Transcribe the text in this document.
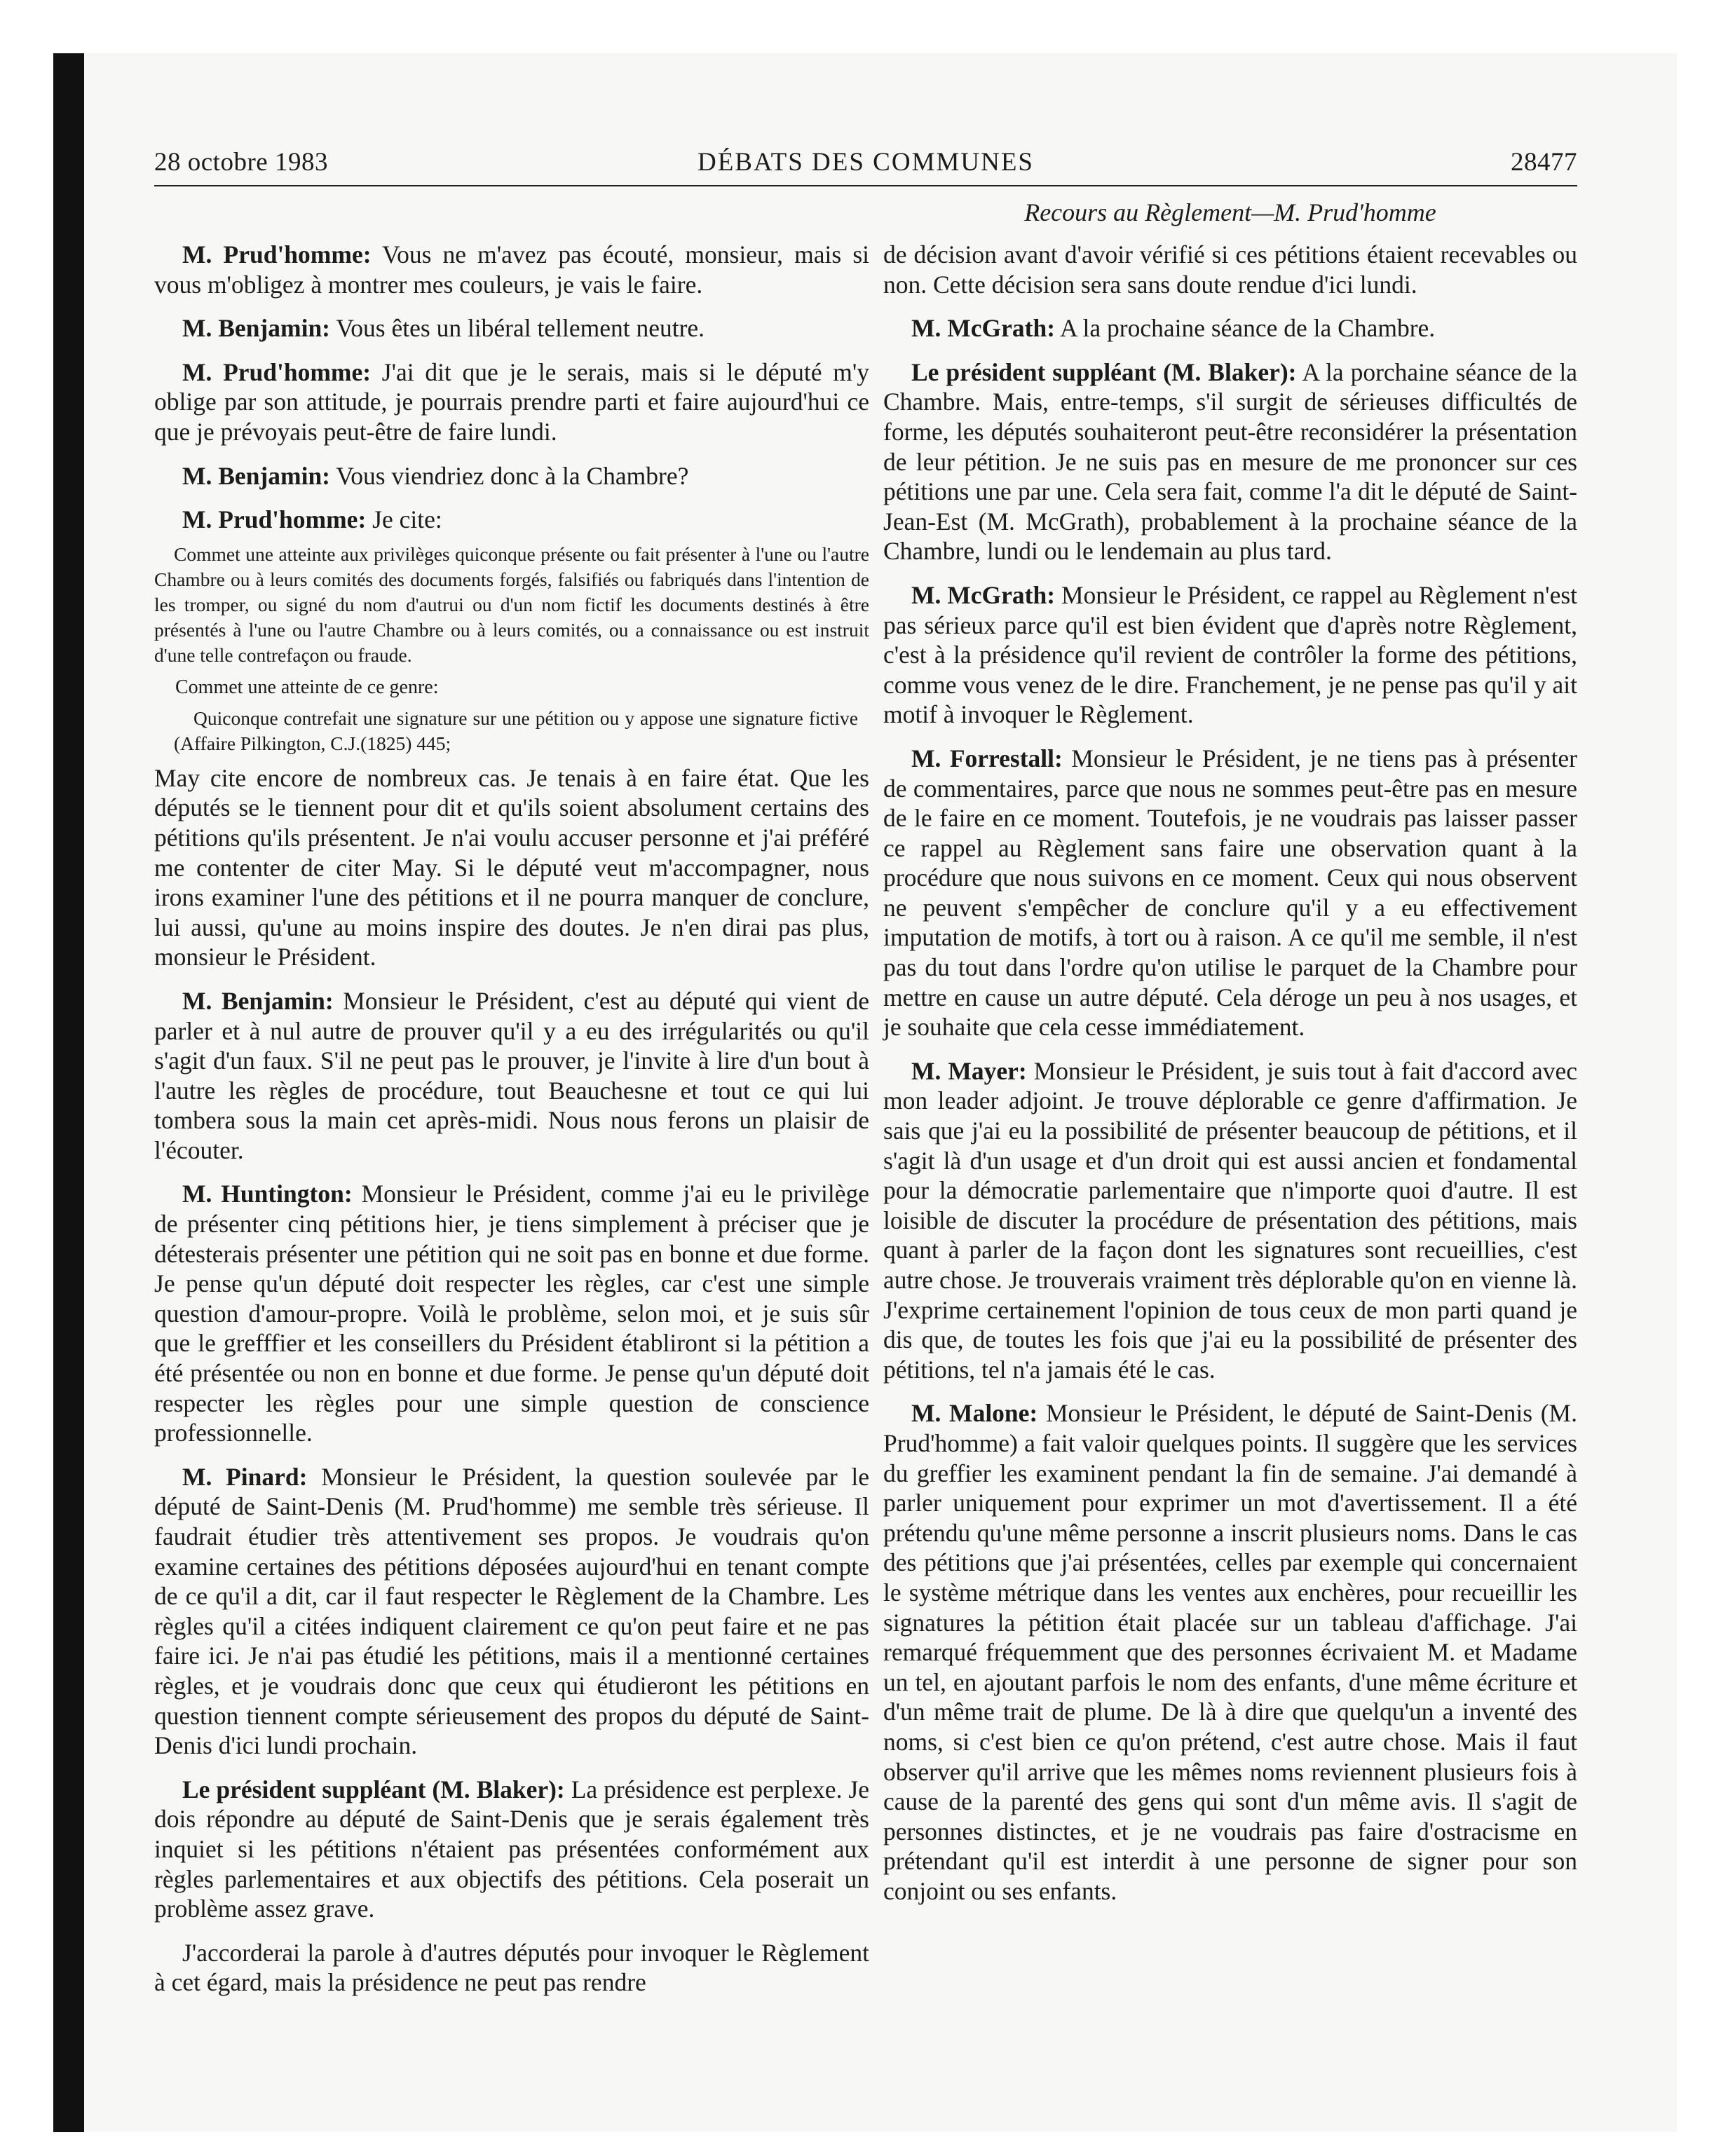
28 octobre 1983	DÉBATS DES COMMUNES	28477
Recours au Règlement—M. Prud'homme

M. Prud'homme: Vous ne m'avez pas écouté, monsieur, mais si vous m'obligez à montrer mes couleurs, je vais le faire.

M. Benjamin: Vous êtes un libéral tellement neutre.

M. Prud'homme: J'ai dit que je le serais, mais si le député m'y oblige par son attitude, je pourrais prendre parti et faire aujourd'hui ce que je prévoyais peut-être de faire lundi.

M. Benjamin: Vous viendriez donc à la Chambre?

M. Prud'homme: Je cite:

Commet une atteinte aux privilèges quiconque présente ou fait présenter à l'une ou l'autre Chambre ou à leurs comités des documents forgés, falsifiés ou fabriqués dans l'intention de les tromper, ou signé du nom d'autrui ou d'un nom fictif les documents destinés à être présentés à l'une ou l'autre Chambre ou à leurs comités, ou a connaissance ou est instruit d'une telle contrefaçon ou fraude.

Commet une atteinte de ce genre:

Quiconque contrefait une signature sur une pétition ou y appose une signature fictive (Affaire Pilkington, C.J.(1825) 445;

May cite encore de nombreux cas. Je tenais à en faire état. Que les députés se le tiennent pour dit et qu'ils soient absolument certains des pétitions qu'ils présentent. Je n'ai voulu accuser personne et j'ai préféré me contenter de citer May. Si le député veut m'accompagner, nous irons examiner l'une des pétitions et il ne pourra manquer de conclure, lui aussi, qu'une au moins inspire des doutes. Je n'en dirai pas plus, monsieur le Président.

M. Benjamin: Monsieur le Président, c'est au député qui vient de parler et à nul autre de prouver qu'il y a eu des irrégularités ou qu'il s'agit d'un faux. S'il ne peut pas le prouver, je l'invite à lire d'un bout à l'autre les règles de procédure, tout Beauchesne et tout ce qui lui tombera sous la main cet après-midi. Nous nous ferons un plaisir de l'écouter.

M. Huntington: Monsieur le Président, comme j'ai eu le privilège de présenter cinq pétitions hier, je tiens simplement à préciser que je détesterais présenter une pétition qui ne soit pas en bonne et due forme. Je pense qu'un député doit respecter les règles, car c'est une simple question d'amour-propre. Voilà le problème, selon moi, et je suis sûr que le grefffier et les conseillers du Président établiront si la pétition a été présentée ou non en bonne et due forme. Je pense qu'un député doit respecter les règles pour une simple question de conscience professionnelle.

M. Pinard: Monsieur le Président, la question soulevée par le député de Saint-Denis (M. Prud'homme) me semble très sérieuse. Il faudrait étudier très attentivement ses propos. Je voudrais qu'on examine certaines des pétitions déposées aujourd'hui en tenant compte de ce qu'il a dit, car il faut respecter le Règlement de la Chambre. Les règles qu'il a citées indiquent clairement ce qu'on peut faire et ne pas faire ici. Je n'ai pas étudié les pétitions, mais il a mentionné certaines règles, et je voudrais donc que ceux qui étudieront les pétitions en question tiennent compte sérieusement des propos du député de Saint-Denis d'ici lundi prochain.

Le président suppléant (M. Blaker): La présidence est perplexe. Je dois répondre au député de Saint-Denis que je serais également très inquiet si les pétitions n'étaient pas présentées conformément aux règles parlementaires et aux objectifs des pétitions. Cela poserait un problème assez grave.

J'accorderai la parole à d'autres députés pour invoquer le Règlement à cet égard, mais la présidence ne peut pas rendre

de décision avant d'avoir vérifié si ces pétitions étaient recevables ou non. Cette décision sera sans doute rendue d'ici lundi.

M. McGrath: A la prochaine séance de la Chambre.

Le président suppléant (M. Blaker): A la porchaine séance de la Chambre. Mais, entre-temps, s'il surgit de sérieuses difficultés de forme, les députés souhaiteront peut-être reconsidérer la présentation de leur pétition. Je ne suis pas en mesure de me prononcer sur ces pétitions une par une. Cela sera fait, comme l'a dit le député de Saint-Jean-Est (M. McGrath), probablement à la prochaine séance de la Chambre, lundi ou le lendemain au plus tard.

M. McGrath: Monsieur le Président, ce rappel au Règlement n'est pas sérieux parce qu'il est bien évident que d'après notre Règlement, c'est à la présidence qu'il revient de contrôler la forme des pétitions, comme vous venez de le dire. Franchement, je ne pense pas qu'il y ait motif à invoquer le Règlement.

M. Forrestall: Monsieur le Président, je ne tiens pas à présenter de commentaires, parce que nous ne sommes peut-être pas en mesure de le faire en ce moment. Toutefois, je ne voudrais pas laisser passer ce rappel au Règlement sans faire une observation quant à la procédure que nous suivons en ce moment. Ceux qui nous observent ne peuvent s'empêcher de conclure qu'il y a eu effectivement imputation de motifs, à tort ou à raison. A ce qu'il me semble, il n'est pas du tout dans l'ordre qu'on utilise le parquet de la Chambre pour mettre en cause un autre député. Cela déroge un peu à nos usages, et je souhaite que cela cesse immédiatement.

M. Mayer: Monsieur le Président, je suis tout à fait d'accord avec mon leader adjoint. Je trouve déplorable ce genre d'affirmation. Je sais que j'ai eu la possibilité de présenter beaucoup de pétitions, et il s'agit là d'un usage et d'un droit qui est aussi ancien et fondamental pour la démocratie parlementaire que n'importe quoi d'autre. Il est loisible de discuter la procédure de présentation des pétitions, mais quant à parler de la façon dont les signatures sont recueillies, c'est autre chose. Je trouverais vraiment très déplorable qu'on en vienne là. J'exprime certainement l'opinion de tous ceux de mon parti quand je dis que, de toutes les fois que j'ai eu la possibilité de présenter des pétitions, tel n'a jamais été le cas.

M. Malone: Monsieur le Président, le député de Saint-Denis (M. Prud'homme) a fait valoir quelques points. Il suggère que les services du greffier les examinent pendant la fin de semaine. J'ai demandé à parler uniquement pour exprimer un mot d'avertissement. Il a été prétendu qu'une même personne a inscrit plusieurs noms. Dans le cas des pétitions que j'ai présentées, celles par exemple qui concernaient le système métrique dans les ventes aux enchères, pour recueillir les signatures la pétition était placée sur un tableau d'affichage. J'ai remarqué fréquemment que des personnes écrivaient M. et Madame un tel, en ajoutant parfois le nom des enfants, d'une même écriture et d'un même trait de plume. De là à dire que quelqu'un a inventé des noms, si c'est bien ce qu'on prétend, c'est autre chose. Mais il faut observer qu'il arrive que les mêmes noms reviennent plusieurs fois à cause de la parenté des gens qui sont d'un même avis. Il s'agit de personnes distinctes, et je ne voudrais pas faire d'ostracisme en prétendant qu'il est interdit à une personne de signer pour son conjoint ou ses enfants.
